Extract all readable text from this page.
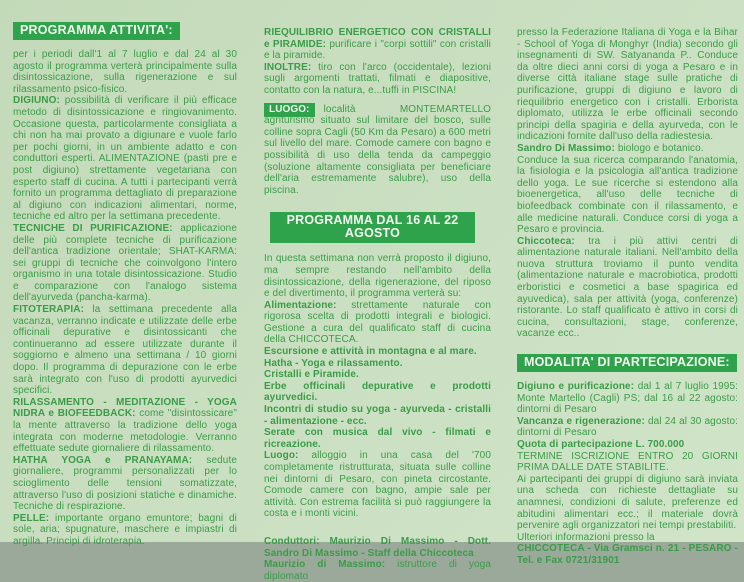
PROGRAMMA ATTIVITA':

per i periodi dall'1 al 7 luglio e dal 24 al 30 agosto il programma verterà principalmente sulla disintossicazione, sulla rigenerazione e sul rilassamento psico-fisico.

DIGIUNO: possibilità di verificare il più efficace metodo di disintossicazione e ringiovanimento. Occasione questa, particolarmente consigliata a chi non ha mai provato a digiunare e vuole farlo per pochi giorni, in un ambiente adatto e con conduttori esperti. ALIMENTAZIONE (pasti pre e post digiuno) strettamente vegetariana con esperto staff di cucina. A tutti i partecipanti verrà fornito un programma dettagliato di preparazione al digiuno con indicazioni alimentari, norme, tecniche ed altro per la settimana precedente.

TECNICHE DI PURIFICAZIONE: applicazione delle più complete tecniche di purificazione dell'antica tradizione orientale; SHAT-KARMA: sei gruppi di tecniche che coinvolgono l'intero organismo in una totale disintossicazione. Studio e comparazione con l'analogo sistema dell'ayurveda (pancha-karma).

FITOTERAPIA: la settimana precedente alla vacanza, verranno indicate e utilizzate delle erbe officinali depurative e disintossicanti che continueranno ad essere utilizzate durante il soggiorno e almeno una settimana / 10 giorni dopo. Il programma di depurazione con le erbe sarà integrato con l'uso di prodotti ayurvedici specifici.

RILASSAMENTO - MEDITAZIONE - YOGA NIDRA e BIOFEEDBACK: come "disintossicare" la mente attraverso la tradizione dello yoga integrata con moderne metodologie. Verranno effettuate sedute giornaliere di rilassamento.

HATHA YOGA e PRANAYAMA: sedute giornaliere, programmi personalizzati per lo scioglimento delle tensioni somatizzate, attraverso l'uso di posizioni statiche e dinamiche. Tecniche di respirazione.

PELLE: importante organo emuntore; bagni di sole, aria; spugnature, maschere e impiastri di argilla. Principi di idroterapia.

RIEQUILIBRIO ENERGETICO CON CRISTALLI e PIRAMIDE: purificare i "corpi sottili" con cristalli e la piramide.

INOLTRE: tiro con l'arco (occidentale), lezioni sugli argomenti trattati, filmati e diapositive, contatto con la natura, e...tuffi in PISCINA!

LUOGO: località MONTEMARTELLO agriturismo situato sul limitare del bosco, sulle colline sopra Cagli (50 Km da Pesaro) a 600 metri sul livello del mare. Comode camere con bagno e possibilità di uso della tenda da campeggio (soluzione altamente consigliata per beneficiare dell'aria estremamente salubre), uso della piscina.

PROGRAMMA DAL 16 AL 22 AGOSTO

In questa settimana non verrà proposto il digiuno, ma sempre restando nell'ambito della disintossicazione, della rigenerazione, del riposo e del divertimento, il programma verterà su:

Alimentazione: strettamente naturale con rigorosa scelta di prodotti integrali e biologici. Gestione a cura del qualificato staff di cucina della CHICCOTECA.

Escursione e attività in montagna e al mare.

Hatha - Yoga e rilassamento.

Cristalli e Piramide.

Erbe officinali depurative e prodotti ayurvedici.

Incontri di studio su yoga - ayurveda - cristalli - alimentazione - ecc.

Serate con musica dal vivo - filmati e ricreazione.

Luogo: alloggio in una casa del '700 completamente ristrutturata, situata sulle colline nei dintorni di Pesaro, con pineta circostante. Comode camere con bagno, ampie sale per attività. Con estrema facilità si può raggiungere la costa e i monti vicini.

Conduttori: Maurizio Di Massimo - Dott. Sandro Di Massimo - Staff della Chiccoteca

Maurizio di Massimo: istruttore di yoga diplomato

presso la Federazione Italiana di Yoga e la Bihar - School of Yoga di Monghyr (India) secondo gli insegnamenti di SW. Satyananda P.. Conduce da oltre dieci anni corsi di yoga a Pesaro e in diverse città italiane stage sulle pratiche di purificazione, gruppi di digiuno e lavoro di riequilibrio energetico con i cristalli. Erborista diplomato, utilizza le erbe officinali secondo principi della spagiria e della ayurveda, con le indicazioni fornite dall'uso della radiestesia.

Sandro Di Massimo: biologo e botanico.

Conduce la sua ricerca comparando l'anatomia, la fisiologia e la psicologia all'antica tradizione dello yoga. Le sue ricerche si estendono alla bioenergetica, all'uso delle tecniche di biofeedback combinate con il rilassamento, e alle medicine naturali. Conduce corsi di yoga a Pesaro e provincia.

Chiccoteca: tra i più attivi centri di alimentazione naturale italiani. Nell'ambito della nuova struttura troviamo il punto vendita (alimentazione naturale e macrobiotica, prodotti erboristici e cosmetici a base spagirica ed ayuvedica), sala per attività (yoga, conferenze) ristorante. Lo staff qualificato è attivo in corsi di cucina, consultazioni, stage, conferenze, vacanze ecc..

MODALITA' DI PARTECIPAZIONE:

Digiuno e purificazione: dal 1 al 7 luglio 1995: Monte Martello (Cagli) PS; dal 16 al 22 agosto: dintorni di Pesaro

Vancanza e rigenerazione: dal 24 al 30 agosto: dintorni di Pesaro

Quota di partecipazione L. 700.000

TERMINE ISCRIZIONE ENTRO 20 GIORNI PRIMA DALLE DATE STABILITE.

Ai partecipanti dei gruppi di digiuno sarà inviata una scheda con richieste dettagliate su anamnesi, condizioni di salute, preferenze ed abitudini alimentari ecc.; il materiale dovrà pervenire agli organizzatori nei tempi prestabiliti.

Ulteriori informazioni presso la

CHICCOTECA - Via Gramsci n. 21 - PESARO - Tel. e Fax 0721/31901
